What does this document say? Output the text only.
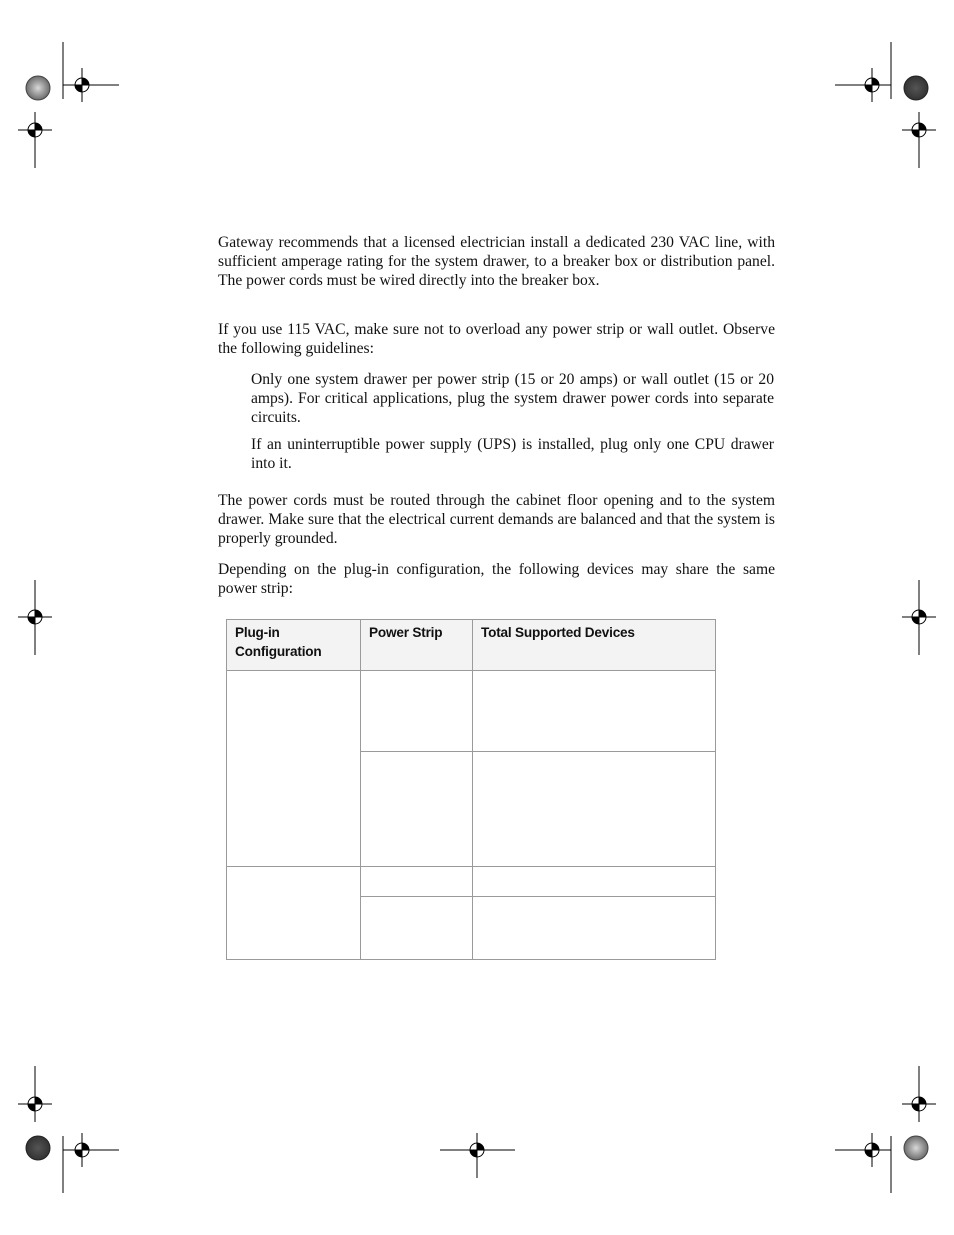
Gateway recommends that a licensed electrician install a dedicated 230 VAC line, with sufficient amperage rating for the system drawer, to a breaker box or distribution panel. The power cords must be wired directly into the breaker box.

If you use 115 VAC, make sure not to overload any power strip or wall outlet. Observe the following guidelines:

Only one system drawer per power strip (15 or 20 amps) or wall outlet (15 or 20 amps). For critical applications, plug the system drawer power cords into separate circuits.

If an uninterruptible power supply (UPS) is installed, plug only one CPU drawer into it.

The power cords must be routed through the cabinet floor opening and to the system drawer. Make sure that the electrical current demands are balanced and that the system is properly grounded.

Depending on the plug-in configuration, the following devices may share the same power strip:

Plug-in Configuration	Power Strip	Total Supported Devices
